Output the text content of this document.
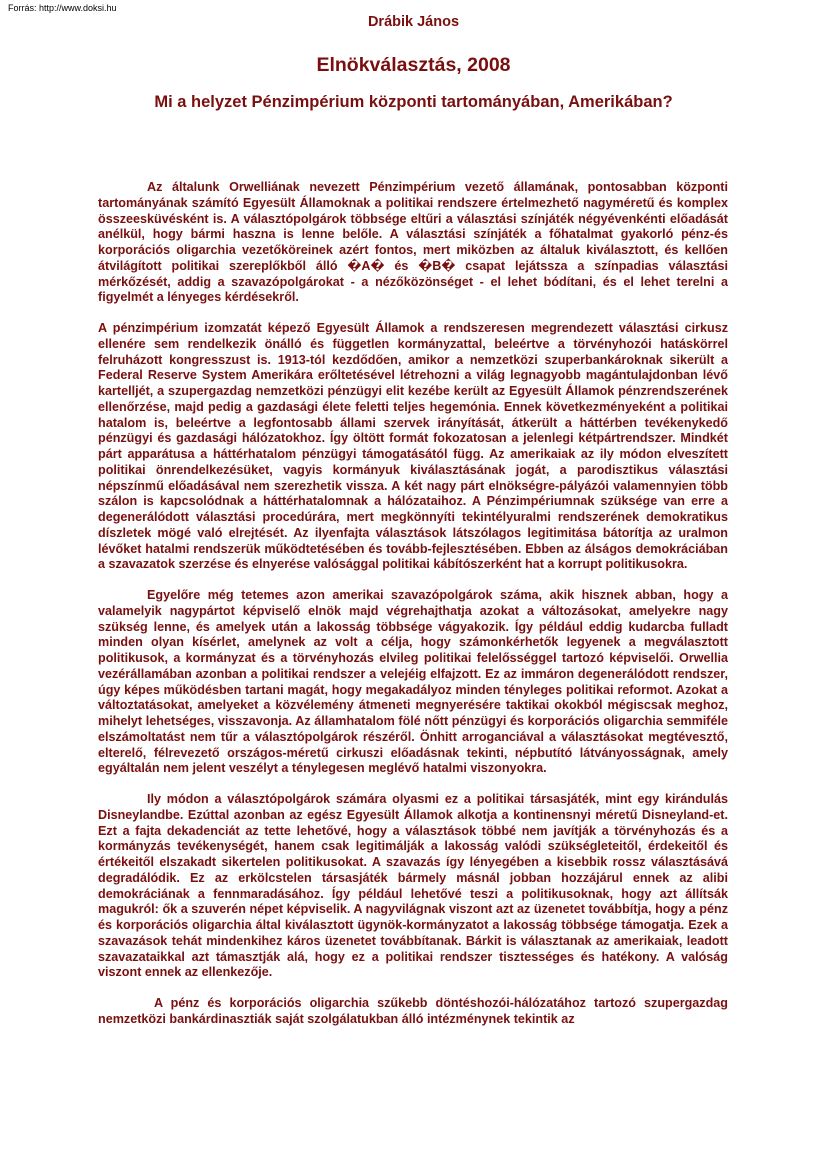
Forrás: http://www.doksi.hu
Drábik János
Elnökválasztás, 2008
Mi a helyzet Pénzimpérium központi tartományában, Amerikában?

Az általunk Orwelliának nevezett Pénzimpérium vezető államának, pontosabban központi tartományának számító Egyesült Államoknak a politikai rendszere értelmezhető nagyméretű és komplex összeesküvésként is. A választópolgárok többsége eltűri a választási színjáték négyévenkénti előadását anélkül, hogy bármi haszna is lenne belőle. A választási színjáték a főhatalmat gyakorló pénz-és korporációs oligarchia vezetőköreinek azért fontos, mert miközben az általuk kiválasztott, és kellően átvilágított politikai szereplőkből álló �A� és �B� csapat lejátssza a színpadias választási mérkőzését, addig a szavazópolgárokat - a nézőközönséget - el lehet bódítani, és el lehet terelni a figyelmét a lényeges kérdésekről.

A pénzimpérium izomzatát képező Egyesült Államok a rendszeresen megrendezett választási cirkusz ellenére sem rendelkezik önálló és független kormányzattal, beleértve a törvényhozói hatáskörrel felruházott kongresszust is. 1913-tól kezdődően, amikor a nemzetközi szuperbankároknak sikerült a Federal Reserve System Amerikára erőltetésével létrehozni a világ legnagyobb magántulajdonban lévő kartelljét, a szupergazdag nemzetközi pénzügyi elit kezébe került az Egyesült Államok pénzrendszerének ellenőrzése, majd pedig a gazdasági élete feletti teljes hegemónia. Ennek következményeként a politikai hatalom is, beleértve a legfontosabb állami szervek irányítását, átkerült a háttérben tevékenykedő pénzügyi és gazdasági hálózatokhoz. Így öltött formát fokozatosan a jelenlegi kétpártrendszer. Mindkét párt apparátusa a háttérhatalom pénzügyi támogatásától függ. Az amerikaiak az ily módon elveszített politikai önrendelkezésüket, vagyis kormányuk kiválasztásának jogát, a parodisztikus választási népszínmű előadásával nem szerezhetik vissza. A két nagy párt elnökségre-pályázói valamennyien több szálon is kapcsolódnak a háttérhatalomnak a hálózataihoz. A Pénzimpériumnak szüksége van erre a degenerálódott választási procedúrára, mert megkönnyíti tekintélyuralmi rendszerének demokratikus díszletek mögé való elrejtését. Az ilyenfajta választások látszólagos legitimitása bátorítja az uralmon lévőket hatalmi rendszerük működtetésében és tovább-fejlesztésében. Ebben az álságos demokráciában a szavazatok szerzése és elnyerése valósággal politikai kábítószerként hat a korrupt politikusokra.

Egyelőre még tetemes azon amerikai szavazópolgárok száma, akik hisznek abban, hogy a valamelyik nagypártot képviselő elnök majd végrehajthatja azokat a változásokat, amelyekre nagy szükség lenne, és amelyek után a lakosság többsége vágyakozik. Így például eddig kudarcba fulladt minden olyan kísérlet, amelynek az volt a célja, hogy számonkérhetők legyenek a megválasztott politikusok, a kormányzat és a törvényhozás elvileg politikai felelősséggel tartozó képviselői. Orwellia vezérállamában azonban a politikai rendszer a velejéig elfajzott. Ez az immáron degenerálódott rendszer, úgy képes működésben tartani magát, hogy megakadályoz minden tényleges politikai reformot. Azokat a változtatásokat, amelyeket a közvélemény átmeneti megnyerésére taktikai okokból mégiscsak meghoz, mihelyt lehetséges, visszavonja. Az államhatalom fölé nőtt pénzügyi és korporációs oligarchia semmiféle elszámoltatást nem tűr a választópolgárok részéről. Önhitt arroganciával a választásokat megtévesztő, elterelő, félrevezető országos-méretű cirkuszi előadásnak tekinti, népbutító látványosságnak, amely egyáltalán nem jelent veszélyt a ténylegesen meglévő hatalmi viszonyokra.

Ily módon a választópolgárok számára olyasmi ez a politikai társasjáték, mint egy kirándulás Disneylandbe. Ezúttal azonban az egész Egyesült Államok alkotja a kontinensnyi méretű Disneyland-et. Ezt a fajta dekadenciát az tette lehetővé, hogy a választások többé nem javítják a törvényhozás és a kormányzás tevékenységét, hanem csak legitimálják a lakosság valódi szükségleteitől, érdekeitől és értékeitől elszakadt sikertelen politikusokat. A szavazás így lényegében a kisebbik rossz választásává degradálódik. Ez az erkölcstelen társasjáték bármely másnál jobban hozzájárul ennek az alibi demokráciának a fennmaradásához. Így például lehetővé teszi a politikusoknak, hogy azt állítsák magukról: ők a szuverén népet képviselik. A nagyvilágnak viszont azt az üzenetet továbbítja, hogy a pénz és korporációs oligarchia által kiválasztott ügynök-kormányzatot a lakosság többsége támogatja. Ezek a szavazások tehát mindenkihez káros üzenetet továbbítanak. Bárkit is választanak az amerikaiak, leadott szavazataikkal azt támasztják alá, hogy ez a politikai rendszer tisztességes és hatékony. A valóság viszont ennek az ellenkezője.

A pénz és korporációs oligarchia szűkebb döntéshozói-hálózatához tartozó szupergazdag nemzetközi bankárdinasztiák saját szolgálatukban álló intézménynek tekintik az
